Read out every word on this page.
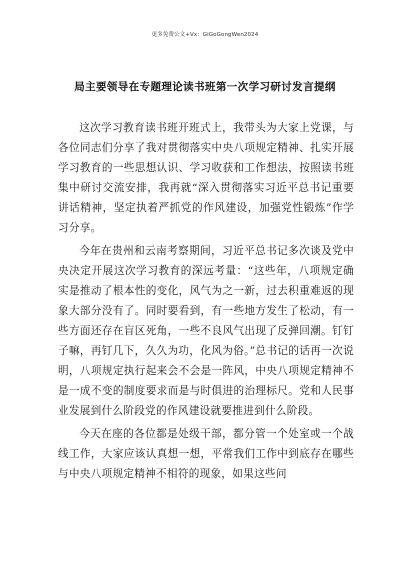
更多免费公文+Vx：GiGoGongWen2024
局主要领导在专题理论读书班第一次学习研讨发言提纲

这次学习教育读书班开班式上，我带头为大家上党课，与各位同志们分享了我对贯彻落实中央八项规定精神、扎实开展学习教育的一些思想认识、学习收获和工作想法，按照读书班集中研讨交流安排，我再就“深入贯彻落实习近平总书记重要讲话精神，坚定执着严抓党的作风建设，加强党性锻炼”作学习分享。

今年在贵州和云南考察期间，习近平总书记多次谈及党中央决定开展这次学习教育的深远考量：“这些年，八项规定确实是推动了根本性的变化，风气为之一新，过去积重难返的现象大部分没有了。同时要看到，有一些地方发生了松动，有一些方面还存在盲区死角，一些不良风气出现了反弹回潮。钉钉子嘛，再钉几下，久久为功，化风为俗。”总书记的话再一次说明，八项规定执行起来会不会是一阵风，中央八项规定精神不是一成不变的制度要求而是与时俱进的治理标尺。党和人民事业发展到什么阶段党的作风建设就要推进到什么阶段。

今天在座的各位都是处级干部，都分管一个处室或一个战线工作，大家应该认真想一想，平常我们工作中到底存在哪些与中央八项规定精神不相符的现象，如果这些问
